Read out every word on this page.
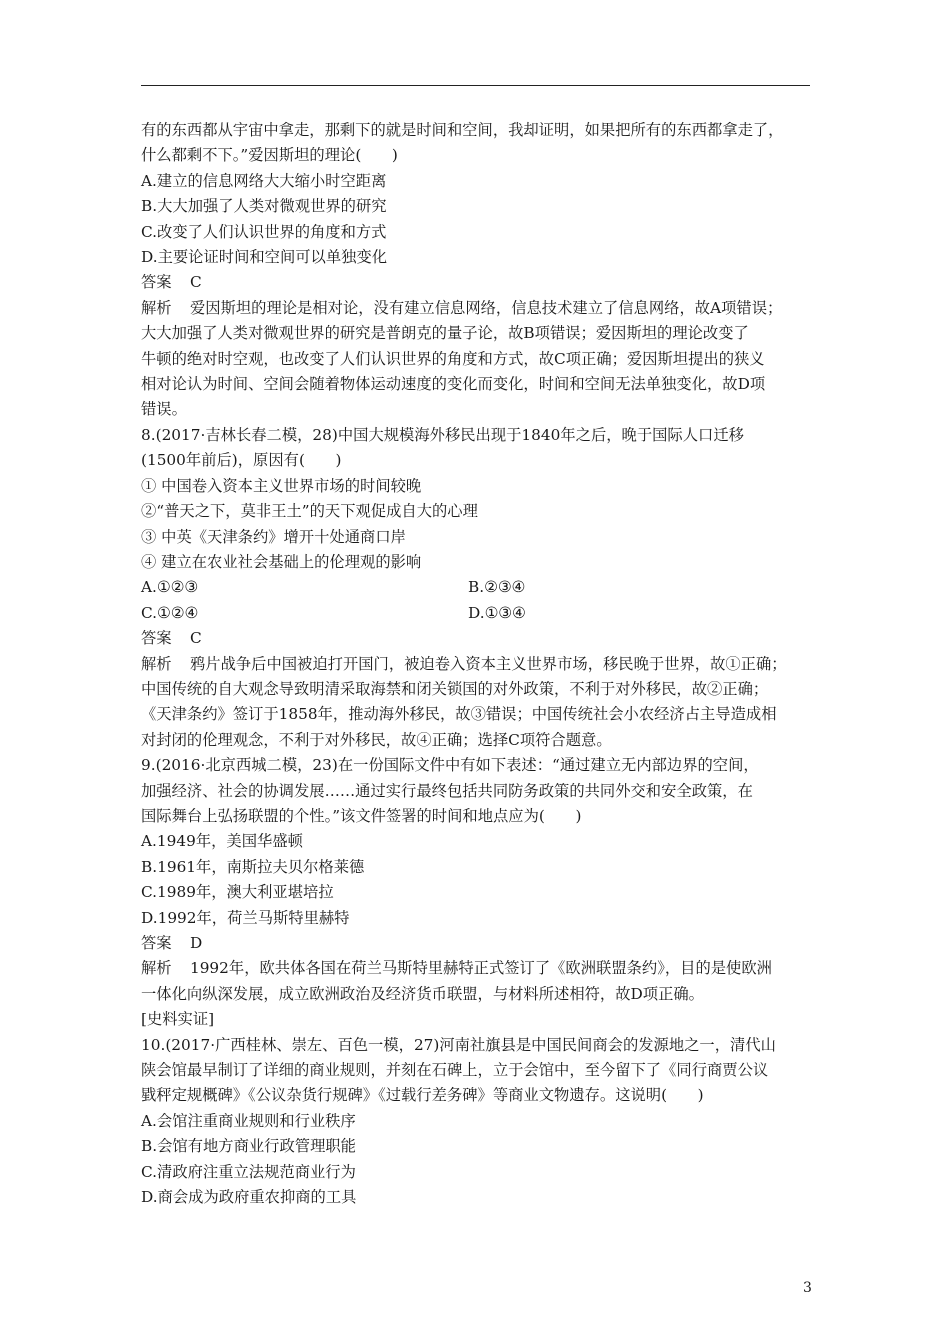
有的东西都从宇宙中拿走，那剩下的就是时间和空间，我却证明，如果把所有的东西都拿走了，

什么都剩不下。”爱因斯坦的理论(　　)

A.建立的信息网络大大缩小时空距离

B.大大加强了人类对微观世界的研究

C.改变了人们认识世界的角度和方式

D.主要论证时间和空间可以单独变化

答案 C

解析 爱因斯坦的理论是相对论，没有建立信息网络，信息技术建立了信息网络，故A项错误；

大大加强了人类对微观世界的研究是普朗克的量子论，故B项错误；爱因斯坦的理论改变了

牛顿的绝对时空观，也改变了人们认识世界的角度和方式，故C项正确；爱因斯坦提出的狭义

相对论认为时间、空间会随着物体运动速度的变化而变化，时间和空间无法单独变化，故D项

错误。

8.(2017·吉林长春二模，28)中国大规模海外移民出现于1840年之后，晚于国际人口迁移

(1500年前后)，原因有(　　)

① 中国卷入资本主义世界市场的时间较晚

②“普天之下，莫非王土”的天下观促成自大的心理

③ 中英《天津条约》增开十处通商口岸

④ 建立在农业社会基础上的伦理观的影响

A.①②③	B.②③④

C.①②④	D.①③④

答案 C

解析 鸦片战争后中国被迫打开国门，被迫卷入资本主义世界市场，移民晚于世界，故①正确；

中国传统的自大观念导致明清采取海禁和闭关锁国的对外政策，不利于对外移民，故②正确；

《天津条约》签订于1858年，推动海外移民，故③错误；中国传统社会小农经济占主导造成相

对封闭的伦理观念，不利于对外移民，故④正确；选择C项符合题意。

9.(2016·北京西城二模，23)在一份国际文件中有如下表述：“通过建立无内部边界的空间，

加强经济、社会的协调发展……通过实行最终包括共同防务政策的共同外交和安全政策，在

国际舞台上弘扬联盟的个性。”该文件签署的时间和地点应为(　　)

A.1949年，美国华盛顿

B.1961年，南斯拉夫贝尔格莱德

C.1989年，澳大利亚堪培拉

D.1992年，荷兰马斯特里赫特

答案 D

解析 1992年，欧共体各国在荷兰马斯特里赫特正式签订了《欧洲联盟条约》，目的是使欧洲

一体化向纵深发展，成立欧洲政治及经济货币联盟，与材料所述相符，故D项正确。

[史料实证]

10.(2017·广西桂林、崇左、百色一模，27)河南社旗县是中国民间商会的发源地之一，清代山

陕会馆最早制订了详细的商业规则，并刻在石碑上，立于会馆中，至今留下了《同行商贾公议

戥秤定规概碑》《公议杂货行规碑》《过载行差务碑》等商业文物遗存。这说明(　　)

A.会馆注重商业规则和行业秩序

B.会馆有地方商业行政管理职能

C.清政府注重立法规范商业行为

D.商会成为政府重农抑商的工具

3
